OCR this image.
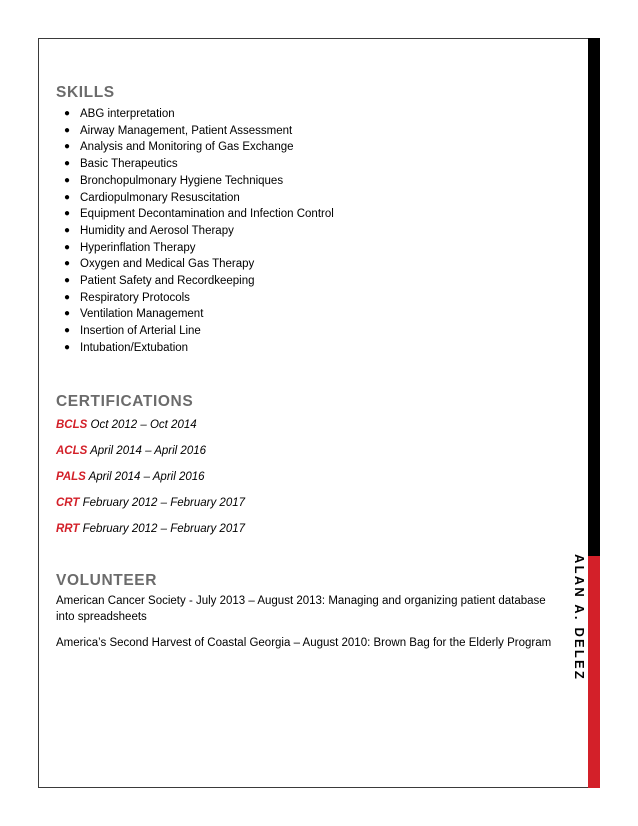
ALAN A. DELEZ
SKILLS
● ABG interpretation
● Airway Management, Patient Assessment
● Analysis and Monitoring of Gas Exchange
● Basic Therapeutics
● Bronchopulmonary Hygiene Techniques
● Cardiopulmonary Resuscitation
● Equipment Decontamination and Infection Control
● Humidity and Aerosol Therapy
● Hyperinflation Therapy
● Oxygen and Medical Gas Therapy
● Patient Safety and Recordkeeping
● Respiratory Protocols
● Ventilation Management
● Insertion of Arterial Line
● Intubation/Extubation
CERTIFICATIONS
BCLS Oct 2012 – Oct 2014
ACLS April 2014 – April 2016
PALS April 2014 – April 2016
CRT February 2012 – February 2017
RRT February 2012 – February 2017
VOLUNTEER

American Cancer Society - July 2013 – August 2013: Managing and organizing patient database into spreadsheets

America’s Second Harvest of Coastal Georgia – August 2010: Brown Bag for the Elderly Program
